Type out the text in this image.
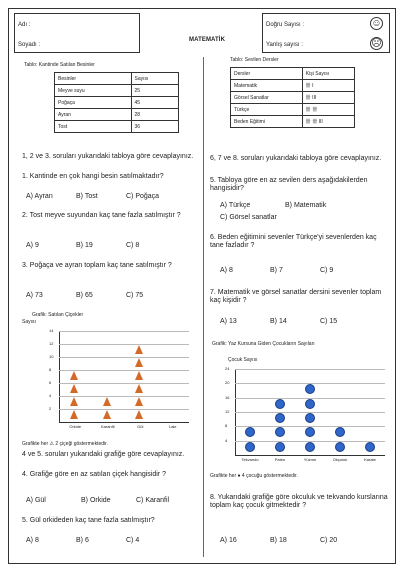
Adı :
Soyadı :
MATEMATİK
Doğru Sayısı :
Yanlış sayısı :
☺
☹
Tablo: Kantinde Satılan Besinler
Besinler	Sayısı
Meyve suyu	25
Poğaça	45
Ayran	28
Tost	36
1, 2 ve 3. soruları yukarıdaki tabloya göre cevaplayınız.
1. Kantinde en çok hangi besin satılmaktadır?
A) Ayran	B) Tost	C) Poğaça
2. Tost meyve suyundan kaç tane fazla satılmıştır ?
A) 9	B) 19	C) 8
3. Poğaça ve ayran toplam kaç tane satılmıştır ?
A) 73	B) 65	C) 75
Grafik: Satılan Çiçekler
Sayısı
2
4
6
8
10
12
14
Orkide	Karanfil	Gül	Lale
Grafikte her ⚠ 2 çiçeği göstermektedir.
4 ve 5. soruları yukarıdaki grafiğe göre cevaplayınız.
4. Grafiğe göre en az satılan çiçek hangisidir ?
A) Gül	B) Orkide	C) Karanfil
5. Gül orkideden kaç tane fazla satılmıştır?
A) 8	B) 6	C) 4
Tablo: Sevilen Dersler
Dersler	Kişi Sayısı
Matematik	卌 I
Görsel Sanatlar	卌 III
Türkçe	卌 卌
Beden Eğitimi	卌 卌 III
6, 7 ve 8. soruları yukarıdaki tabloya göre cevaplayınız.
5. Tabloya göre en az sevilen ders aşağıdakilerden hangisidir?
A) Türkçe	B) Matematik
C) Görsel sanatlar
6. Beden eğitimini sevenler Türkçe'yi sevenlerden kaç tane fazladır ?
A) 8	B) 7	C) 9
7. Matematik ve görsel sanatlar dersini sevenler toplam kaç kişidir ?
A) 13	B) 14	C) 15
Grafik: Yaz Kursuna Giden Çocukların Sayıları
Çocuk Sayısı
4
8
12
16
20
24
Tekvando	Paten	Yüzme	Okçuluk	Karate
Grafikte her ● 4 çocuğu göstermektedir.
8. Yukarıdaki grafiğe göre okculuk ve tekvando kurslarına toplam kaç çocuk gitmektedir ?
A) 16	B) 18	C) 20
